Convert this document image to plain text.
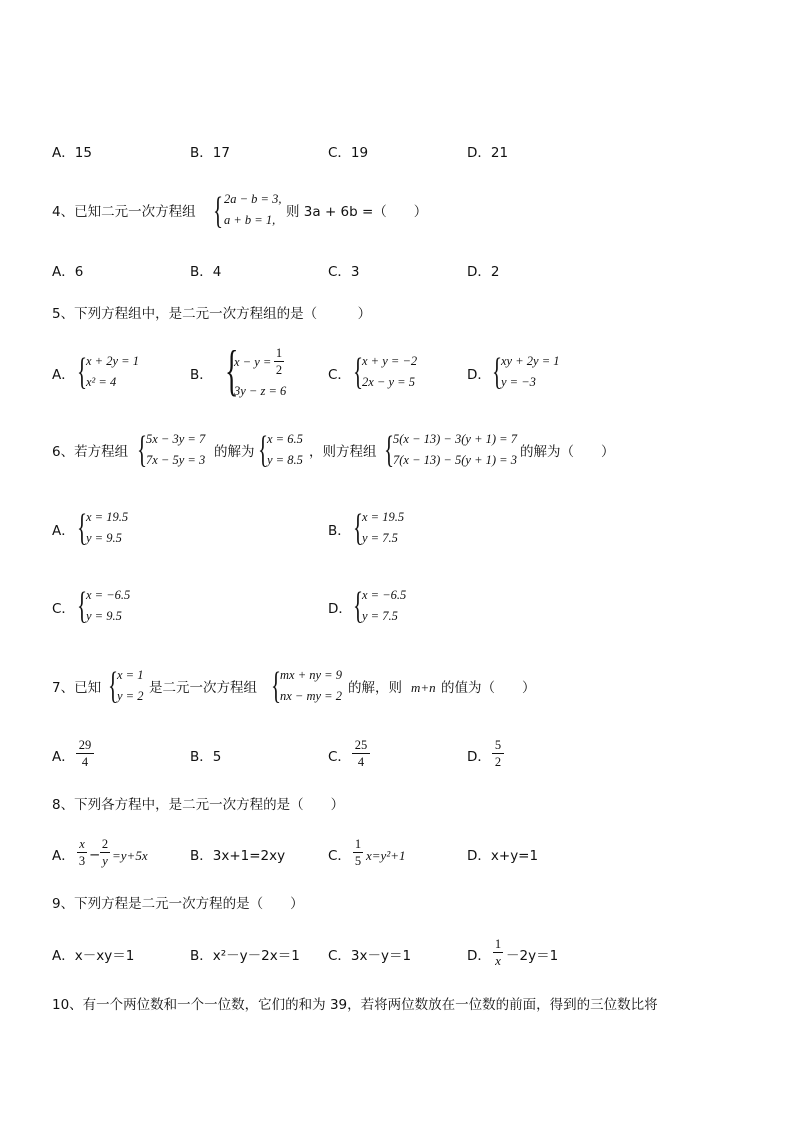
A．15	B．17	C．19	D．21
4、已知二元一次方程组 { 2a − b = 3,
a + b = 1, 则 3a + 6b =（　　）
A．6	B．4	C．3	D．2
5、下列方程组中，是二元一次方程组的是（　　　）
A． {
x + 2y = 1
x² = 4	B． {
x − y =
1
2
3y − z = 6
C． {
x + y = −2
2x − y = 5	D． {
xy + 2y = 1
y = −3
6、若方程组 {
5x − 3y = 7
7x − 5y = 3 的解为 {
x = 6.5
y = 8.5 ，则方程组 {
5(x − 13) − 3(y + 1) = 7
7(x − 13) − 5(y + 1) = 3 的解为（　　）
A． {
x = 19.5
y = 9.5	B． {
x = 19.5
y = 7.5
C． {
x = −6.5
y = 9.5	D． {
x = −6.5
y = 7.5
7、已知 {
x = 1
y = 2 是二元一次方程组 {
mx + ny = 9
nx − my = 2 的解，则 m+n 的值为（　　）
A．
29
4	B．5	C．
25
4	D．
5
2
8、下列各方程中，是二元一次方程的是（　　）
A．
x
3 −
2
y =y+5x	B．3x+1=2xy	C．
1
5 x=y²+1	D．x+y=1
9、下列方程是二元一次方程的是（　　）
A．x－xy＝1	B．x²－y－2x＝1 C．3x－y＝1	D．
1
x －2y＝1
10、有一个两位数和一个一位数，它们的和为 39，若将两位数放在一位数的前面，得到的三位数比将
